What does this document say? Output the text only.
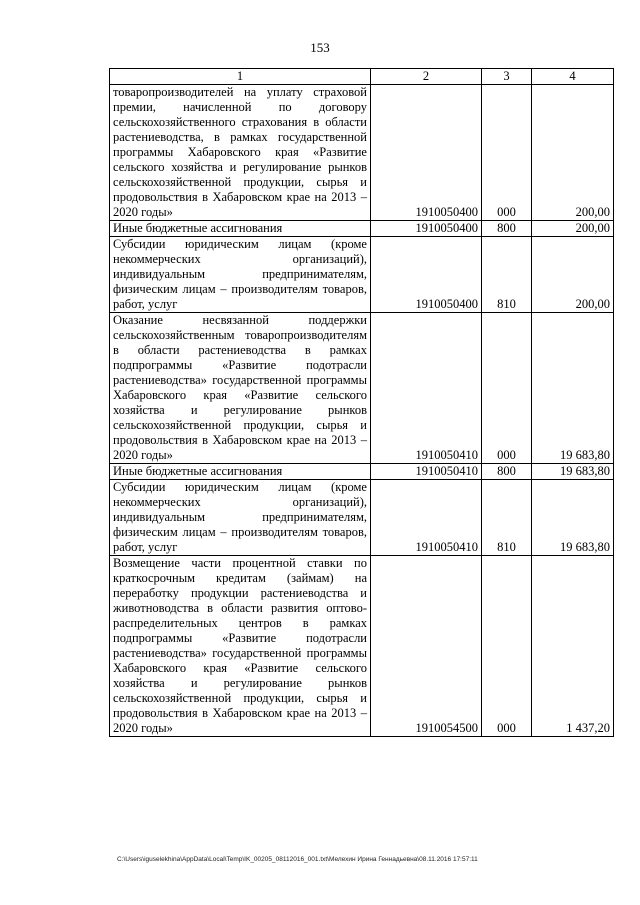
153
1	2	3	4
товаропроизводителей на уплату страховой премии, начисленной по договору сельскохозяйственного страхования в области растениеводства, в рамках государственной программы Хабаровского края «Развитие сельского хозяйства и регулирование рынков сельскохозяйственной продукции, сырья и продовольствия в Хабаровском крае на 2013 – 2020 годы»	1910050400	000	200,00
Иные бюджетные ассигнования	1910050400	800	200,00
Субсидии юридическим лицам (кроме некоммерческих организаций), индивидуальным предпринимателям, физическим лицам – производителям товаров, работ, услуг	1910050400	810	200,00
Оказание несвязанной поддержки сельскохозяйственным товаропроизводителям в области растениеводства в рамках подпрограммы «Развитие подотрасли растениеводства» государственной программы Хабаровского края «Развитие сельского хозяйства и регулирование рынков сельскохозяйственной продукции, сырья и продовольствия в Хабаровском крае на 2013 – 2020 годы»	1910050410	000	19 683,80
Иные бюджетные ассигнования	1910050410	800	19 683,80
Субсидии юридическим лицам (кроме некоммерческих организаций), индивидуальным предпринимателям, физическим лицам – производителям товаров, работ, услуг	1910050410	810	19 683,80
Возмещение части процентной ставки по краткосрочным кредитам (займам) на переработку продукции растениеводства и животноводства в области развития оптово-распределительных центров в рамках подпрограммы «Развитие подотрасли растениеводства» государственной программы Хабаровского края «Развитие сельского хозяйства и регулирование рынков сельскохозяйственной продукции, сырья и продовольствия в Хабаровском крае на 2013 – 2020 годы»	1910054500	000	1 437,20
C:\Users\iguselekhina\AppData\Local\Temp\IK_00205_08112016_001.txt\Мелехин Ирина Геннадьевна\08.11.2016 17:57:11
